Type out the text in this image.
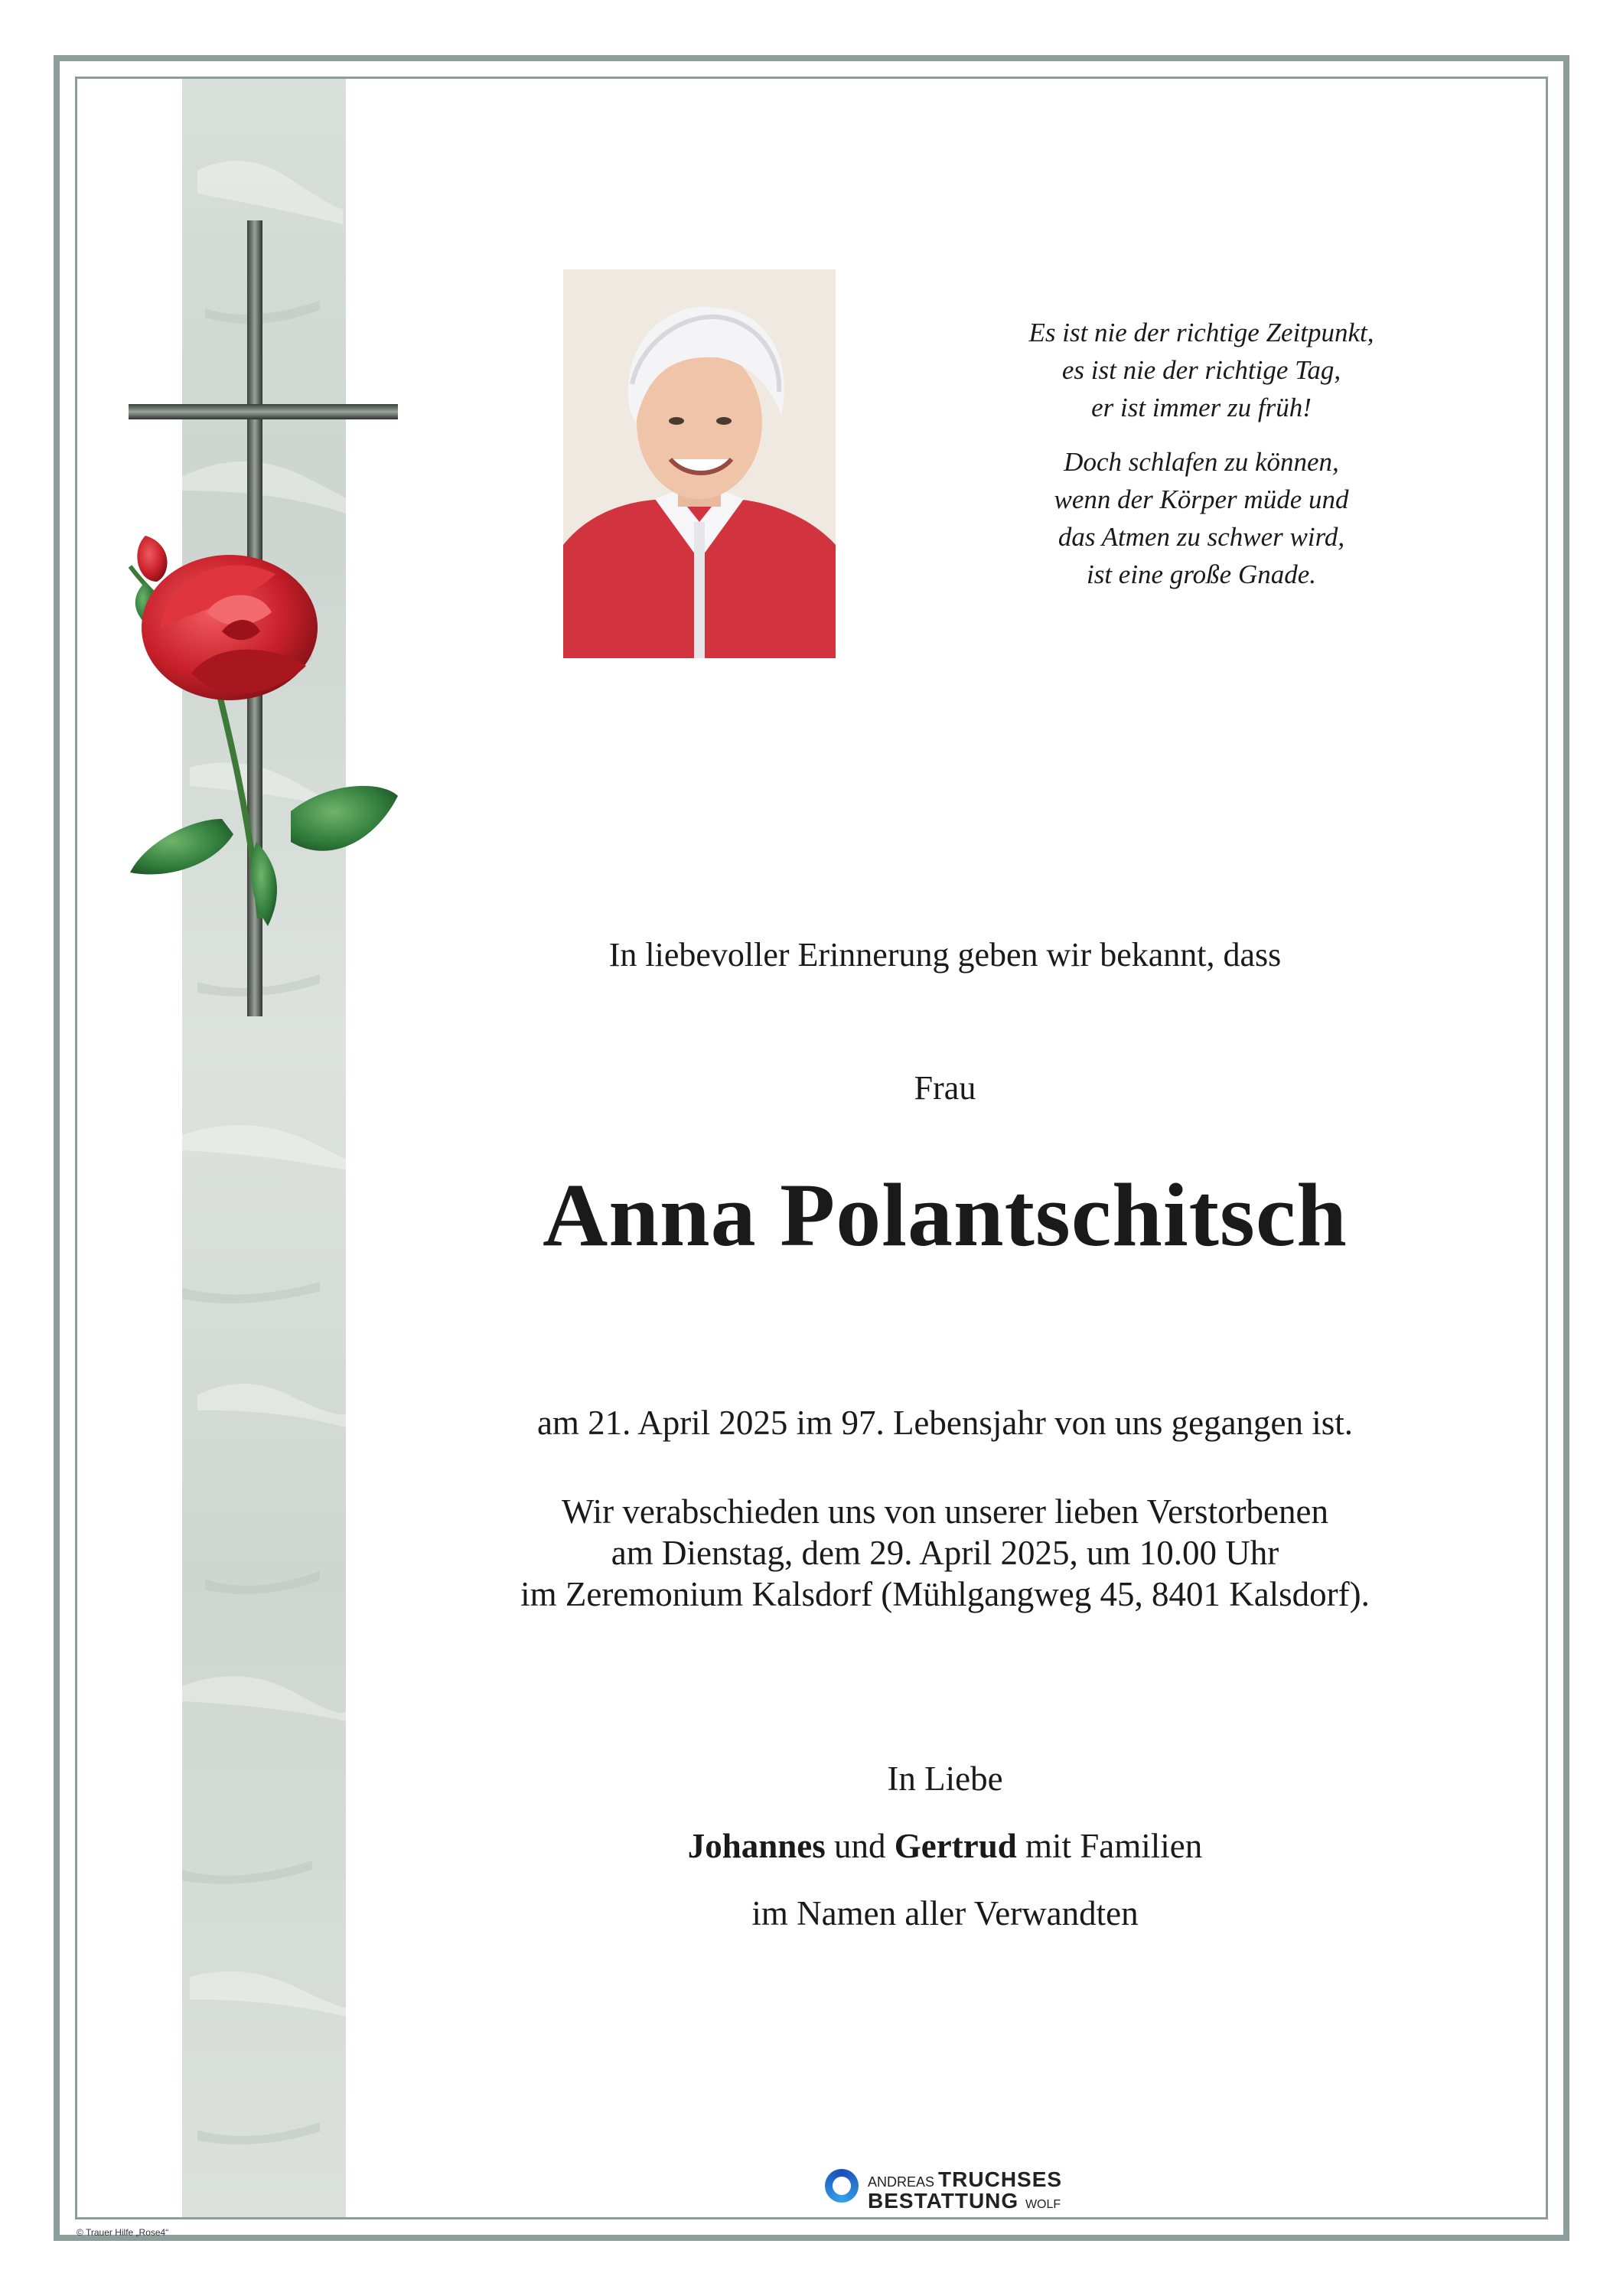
Es ist nie der richtige Zeitpunkt,
es ist nie der richtige Tag,
er ist immer zu früh!
Doch schlafen zu können,
wenn der Körper müde und
das Atmen zu schwer wird,
ist eine große Gnade.
In liebevoller Erinnerung geben wir bekannt, dass
Frau
Anna Polantschitsch
am 21. April 2025 im 97. Lebensjahr von uns gegangen ist.
Wir verabschieden uns von unserer lieben Verstorbenen
am Dienstag, dem 29. April 2025, um 10.00 Uhr
im Zeremonium Kalsdorf (Mühlgangweg 45, 8401 Kalsdorf).
In Liebe
Johannes und Gertrud mit Familien
im Namen aller Verwandten
ANDREAS TRUCHSES
BESTATTUNG WOLF
© Trauer Hilfe „Rose4“
